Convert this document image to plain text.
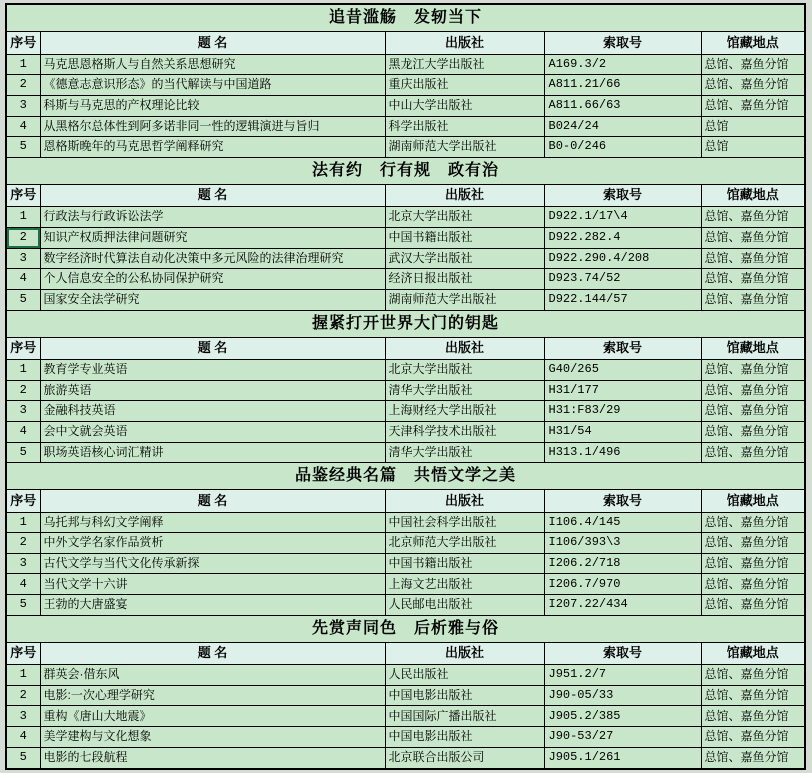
追昔滥觞　发轫当下				
序号	题 名	出版社	索取号	馆藏地点
1	马克思恩格斯人与自然关系思想研究	黑龙江大学出版社	A169.3/2	总馆、嘉鱼分馆
2	《德意志意识形态》的当代解读与中国道路	重庆出版社	A811.21/66	总馆、嘉鱼分馆
3	科斯与马克思的产权理论比较	中山大学出版社	A811.66/63	总馆、嘉鱼分馆
4	从黑格尔总体性到阿多诺非同一性的逻辑演进与旨归	科学出版社	B024/24	总馆
5	恩格斯晚年的马克思哲学阐释研究	湖南师范大学出版社	B0-0/246	总馆
法有约　行有规　政有治				
序号	题 名	出版社	索取号	馆藏地点
1	行政法与行政诉讼法学	北京大学出版社	D922.1/17\4	总馆、嘉鱼分馆
2	知识产权质押法律问题研究	中国书籍出版社	D922.282.4	总馆、嘉鱼分馆
3	数字经济时代算法自动化决策中多元风险的法律治理研究	武汉大学出版社	D922.290.4/208	总馆、嘉鱼分馆
4	个人信息安全的公私协同保护研究	经济日报出版社	D923.74/52	总馆、嘉鱼分馆
5	国家安全法学研究	湖南师范大学出版社	D922.144/57	总馆、嘉鱼分馆
握紧打开世界大门的钥匙				
序号	题 名	出版社	索取号	馆藏地点
1	教育学专业英语	北京大学出版社	G40/265	总馆、嘉鱼分馆
2	旅游英语	清华大学出版社	H31/177	总馆、嘉鱼分馆
3	金融科技英语	上海财经大学出版社	H31:F83/29	总馆、嘉鱼分馆
4	会中文就会英语	天津科学技术出版社	H31/54	总馆、嘉鱼分馆
5	职场英语核心词汇精讲	清华大学出版社	H313.1/496	总馆、嘉鱼分馆
品鉴经典名篇　共悟文学之美				
序号	题 名	出版社	索取号	馆藏地点
1	乌托邦与科幻文学阐释	中国社会科学出版社	I106.4/145	总馆、嘉鱼分馆
2	中外文学名家作品赏析	北京师范大学出版社	I106/393\3	总馆、嘉鱼分馆
3	古代文学与当代文化传承新探	中国书籍出版社	I206.2/718	总馆、嘉鱼分馆
4	当代文学十六讲	上海文艺出版社	I206.7/970	总馆、嘉鱼分馆
5	王勃的大唐盛宴	人民邮电出版社	I207.22/434	总馆、嘉鱼分馆
先赏声同色　后析雅与俗				
序号	题 名	出版社	索取号	馆藏地点
1	群英会·借东风	人民出版社	J951.2/7	总馆、嘉鱼分馆
2	电影:一次心理学研究	中国电影出版社	J90-05/33	总馆、嘉鱼分馆
3	重构《唐山大地震》	中国国际广播出版社	J905.2/385	总馆、嘉鱼分馆
4	美学建构与文化想象	中国电影出版社	J90-53/27	总馆、嘉鱼分馆
5	电影的七段航程	北京联合出版公司	J905.1/261	总馆、嘉鱼分馆
